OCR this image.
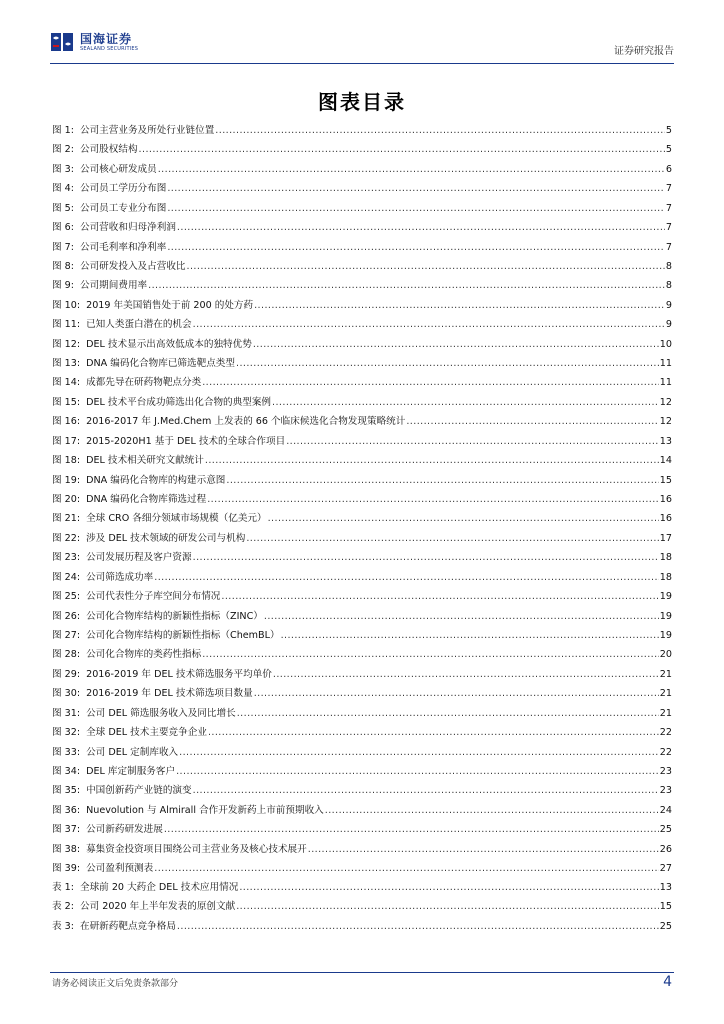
国海证券
SEALAND SECURITIES	证券研究报告
图表目录
图 1: 公司主营业务及所处行业链位置 .....	5
图 2: 公司股权结构 .....	5
图 3: 公司核心研发成员 .....	6
图 4: 公司员工学历分布图 .....	7
图 5: 公司员工专业分布图 .....	7
图 6: 公司营收和归母净利润 .....	7
图 7: 公司毛利率和净利率 .....	7
图 8: 公司研发投入及占营收比 .....	8
图 9: 公司期间费用率 .....	8
图 10: 2019 年美国销售处于前 200 的处方药 .....	9
图 11: 已知人类蛋白潜在的机会 .....	9
图 12: DEL 技术显示出高效低成本的独特优势 .....	10
图 13: DNA 编码化合物库已筛选靶点类型 .....	11
图 14: 成都先导在研药物靶点分类 .....	11
图 15: DEL 技术平台成功筛选出化合物的典型案例 .....	12
图 16: 2016-2017 年 J.Med.Chem 上发表的 66 个临床候选化合物发现策略统计 .....	12
图 17: 2015-2020H1 基于 DEL 技术的全球合作项目 .....	13
图 18: DEL 技术相关研究文献统计 .....	14
图 19: DNA 编码化合物库的构建示意图 .....	15
图 20: DNA 编码化合物库筛选过程 .....	16
图 21: 全球 CRO 各细分领域市场规模（亿美元） .....	16
图 22: 涉及 DEL 技术领域的研发公司与机构 .....	17
图 23: 公司发展历程及客户资源 .....	18
图 24: 公司筛选成功率 .....	18
图 25: 公司代表性分子库空间分布情况 .....	19
图 26: 公司化合物库结构的新颖性指标（ZINC） .....	19
图 27: 公司化合物库结构的新颖性指标（ChemBL） .....	19
图 28: 公司化合物库的类药性指标 .....	20
图 29: 2016-2019 年 DEL 技术筛选服务平均单价 .....	21
图 30: 2016-2019 年 DEL 技术筛选项目数量 .....	21
图 31: 公司 DEL 筛选服务收入及同比增长 .....	21
图 32: 全球 DEL 技术主要竞争企业 .....	22
图 33: 公司 DEL 定制库收入 .....	22
图 34: DEL 库定制服务客户 .....	23
图 35: 中国创新药产业链的演变 .....	23
图 36: Nuevolution 与 Almirall 合作开发新药上市前预期收入 .....	24
图 37: 公司新药研发进展 .....	25
图 38: 募集资金投资项目围绕公司主营业务及核心技术展开 .....	26
图 39: 公司盈利预测表 .....	27
表 1: 全球前 20 大药企 DEL 技术应用情况 .....	13
表 2: 公司 2020 年上半年发表的原创文献 .....	15
表 3: 在研新药靶点竞争格局 .....	25
请务必阅读正文后免责条款部分	4
